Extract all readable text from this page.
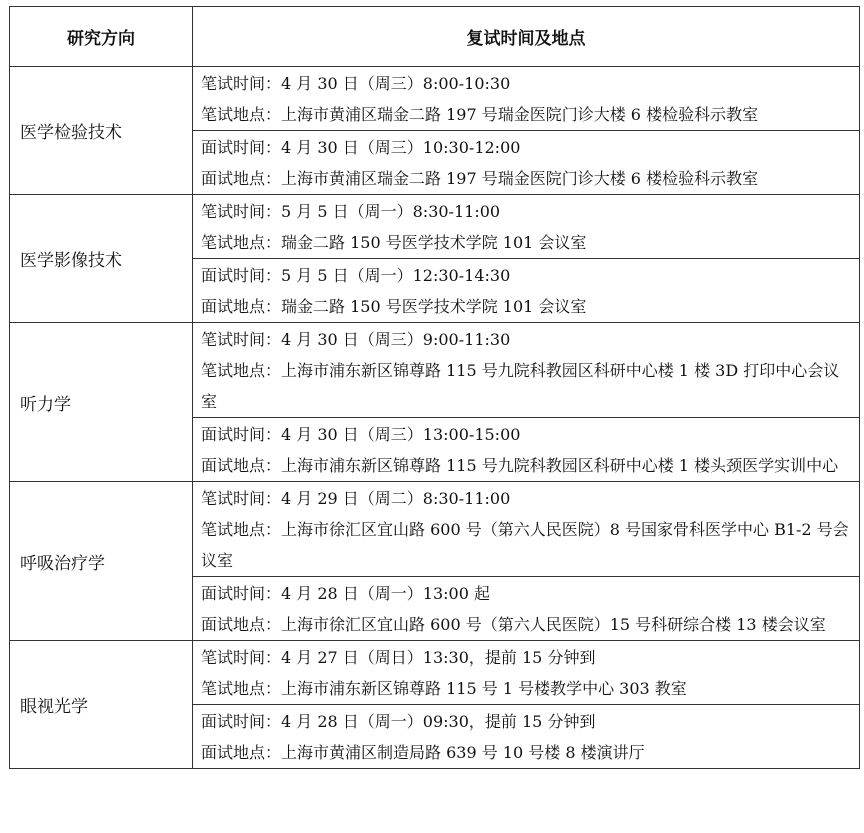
研究方向	复试时间及地点
医学检验技术	笔试时间：4 月 30 日（周三）8:00-10:30
笔试地点：上海市黄浦区瑞金二路 197 号瑞金医院门诊大楼 6 楼检验科示教室

	面试时间：4 月 30 日（周三）10:30-12:00
面试地点：上海市黄浦区瑞金二路 197 号瑞金医院门诊大楼 6 楼检验科示教室

医学影像技术	笔试时间：5 月 5 日（周一）8:30-11:00
笔试地点：瑞金二路 150 号医学技术学院 101 会议室

	面试时间：5 月 5 日（周一）12:30-14:30
面试地点：瑞金二路 150 号医学技术学院 101 会议室

听力学	笔试时间：4 月 30 日（周三）9:00-11:30
笔试地点：上海市浦东新区锦尊路 115 号九院科教园区科研中心楼 1 楼 3D 打印中心会议室

	面试时间：4 月 30 日（周三）13:00-15:00
面试地点：上海市浦东新区锦尊路 115 号九院科教园区科研中心楼 1 楼头颈医学实训中心

呼吸治疗学	笔试时间：4 月 29 日（周二）8:30-11:00
笔试地点：上海市徐汇区宜山路 600 号（第六人民医院）8 号国家骨科医学中心 B1-2 号会议室

	面试时间：4 月 28 日（周一）13:00 起
面试地点：上海市徐汇区宜山路 600 号（第六人民医院）15 号科研综合楼 13 楼会议室

眼视光学	笔试时间：4 月 27 日（周日）13:30，提前 15 分钟到
笔试地点：上海市浦东新区锦尊路 115 号 1 号楼教学中心 303 教室

	面试时间：4 月 28 日（周一）09:30，提前 15 分钟到
面试地点：上海市黄浦区制造局路 639 号 10 号楼 8 楼演讲厅
